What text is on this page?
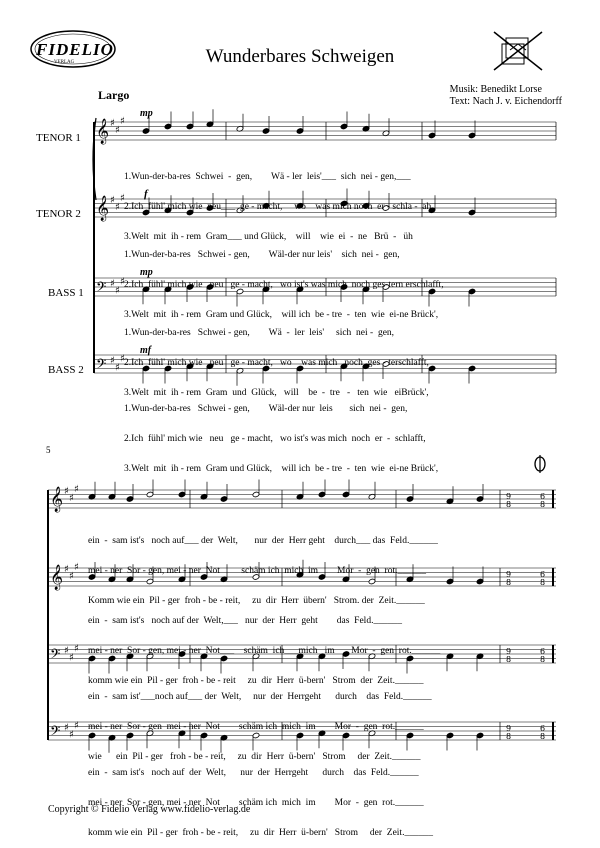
FIDELIO
VERLAG	Wunderbares Schweigen
Largo	Musik: Benedikt Lorse
Text: Nach J. v. Eichendorff
TENOR 1
TENOR 2
BASS 1
BASS 2
5
𝄞 ♯
♯
♯
𝄞 ♯
♯
♯
𝄢 ♯
♯
♯
𝄢 ♯
♯
♯
𝄞 ♯
♯
♯
9
8
6
8
𝄞 ♯
♯
♯
9
8
6
8
𝄢 ♯
♯
♯	9
8
6
8
𝄢 ♯
♯
♯	9
8
6
8

1.Wun-der-ba-res  Schwei  -  gen,        Wä - ler  leis'___  sich  nei - gen,___

2.Ich  fühl' mich wie  neu___  ge - macht,     wo    was mich noch  er - schla -  ah

3.Welt  mit  ih - rem  Gram___ und Glück,    will    wie  ei  -  ne   Brü  -   üh

1.Wun-der-ba-res   Schwei - gen,        Wäl-der nur leis'    sich  nei -  gen,

2.Ich  fühl' mich wie   neu   ge - macht,   wo ist's was mich  noch ges-tern erschlafft,

3.Welt  mit  ih - rem  Gram und Glück,    will ich  be - tre  -  ten  wie  ei-ne Brück',

1.Wun-der-ba-res   Schwei - gen,        Wä  -  ler  leis'     sich  nei -  gen,

2.Ich  fühl' mich wie   neu   ge - macht,   wo    was mich   noch  ges - terschlafft,

3.Welt  mit  ih - rem  Gram  und  Glück,   will    be  -  tre   -   ten  wie   eiBrück',

1.Wun-der-ba-res   Schwei - gen,        Wäl-der nur  leis       sich  nei -  gen,

2.Ich  fühl' mich wie   neu   ge - macht,   wo ist's was mich  noch  er  -  schlafft,

3.Welt  mit  ih - rem  Gram und Glück,    will ich  be - tre  -  ten  wie  ei-ne Brück',

ein  -  sam ist's   noch auf___ der  Welt,       nur  der  Herr geht    durch___ das  Feld.______

mei - ner  Sor - gen, mei - ner  Not         schäm ich  mich  im        Mor  -  gen  rot.______

Komm wie ein  Pil - ger  froh - be - reit,     zu  dir  Herr  übern'   Strom. der  Zeit.______

ein  -  sam ist's   noch auf der  Welt,___   nur  der  Herr  geht        das  Feld.______

mei - ner  Sor - gen, mei - ner  Not___    schäm  ich___mich   im       Mor  -  gen  rot.______

komm wie ein  Pil - ger  froh - be - reit     zu  dir  Herr  ü-bern'   Strom  der  Zeit.______

ein  -  sam ist'___noch auf___ der  Welt,     nur  der  Herrgeht      durch    das  Feld.______

mei - ner  Sor - gen  mei - ner  Not        schäm ich  mich  im        Mor  -  gen  rot.______

wie      ein  Pil - ger   froh - be - reit,     zu  dir  Herr  ü-bern'   Strom     der  Zeit.______

ein  -  sam ist's   noch auf  der  Welt,      nur  der  Herrgeht      durch    das  Feld.______

mei - ner  Sor - gen, mei - ner  Not        schäm ich  mich  im        Mor  -  gen  rot.______

komm wie ein  Pil - ger  froh - be - reit,     zu  dir  Herr  ü-bern'   Strom     der  Zeit.______

mp
f
mp
mf
Copyright © Fidelio Verlag www.fidelio-verlag.de
